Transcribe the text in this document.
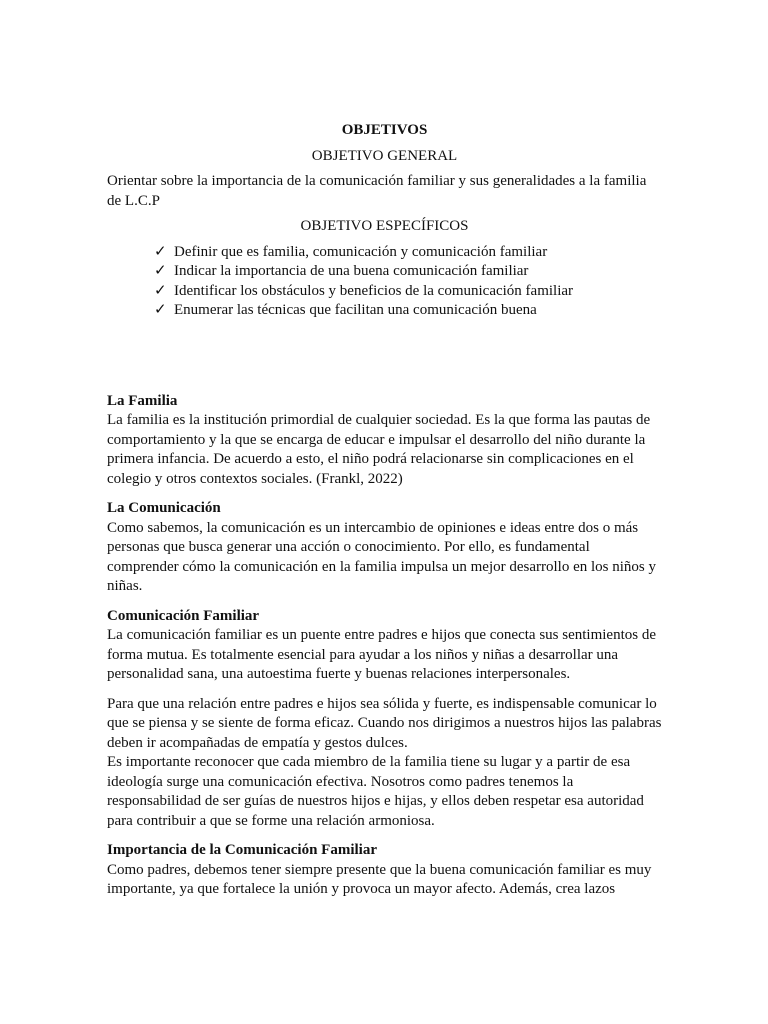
OBJETIVOS

OBJETIVO GENERAL

Orientar sobre la importancia de la comunicación familiar y sus generalidades a la familia de L.C.P

OBJETIVO ESPECÍFICOS

✓ Definir que es familia, comunicación y comunicación familiar
✓ Indicar la importancia de una buena comunicación familiar
✓ Identificar los obstáculos y beneficios de la comunicación familiar
✓ Enumerar las técnicas que facilitan una comunicación buena
La Familia

La familia es la institución primordial de cualquier sociedad. Es la que forma las pautas de comportamiento y la que se encarga de educar e impulsar el desarrollo del niño durante la primera infancia. De acuerdo a esto, el niño podrá relacionarse sin complicaciones en el colegio y otros contextos sociales. (Frankl, 2022)

La Comunicación

Como sabemos, la comunicación es un intercambio de opiniones e ideas entre dos o más personas que busca generar una acción o conocimiento. Por ello, es fundamental comprender cómo la comunicación en la familia impulsa un mejor desarrollo en los niños y niñas.

Comunicación Familiar

La comunicación familiar es un puente entre padres e hijos que conecta sus sentimientos de forma mutua. Es totalmente esencial para ayudar a los niños y niñas a desarrollar una personalidad sana, una autoestima fuerte y buenas relaciones interpersonales.

Para que una relación entre padres e hijos sea sólida y fuerte, es indispensable comunicar lo que se piensa y se siente de forma eficaz. Cuando nos dirigimos a nuestros hijos las palabras deben ir acompañadas de empatía y gestos dulces.

Es importante reconocer que cada miembro de la familia tiene su lugar y a partir de esa ideología surge una comunicación efectiva. Nosotros como padres tenemos la responsabilidad de ser guías de nuestros hijos e hijas, y ellos deben respetar esa autoridad para contribuir a que se forme una relación armoniosa.

Importancia de la Comunicación Familiar

Como padres, debemos tener siempre presente que la buena comunicación familiar es muy importante, ya que fortalece la unión y provoca un mayor afecto. Además, crea lazos
